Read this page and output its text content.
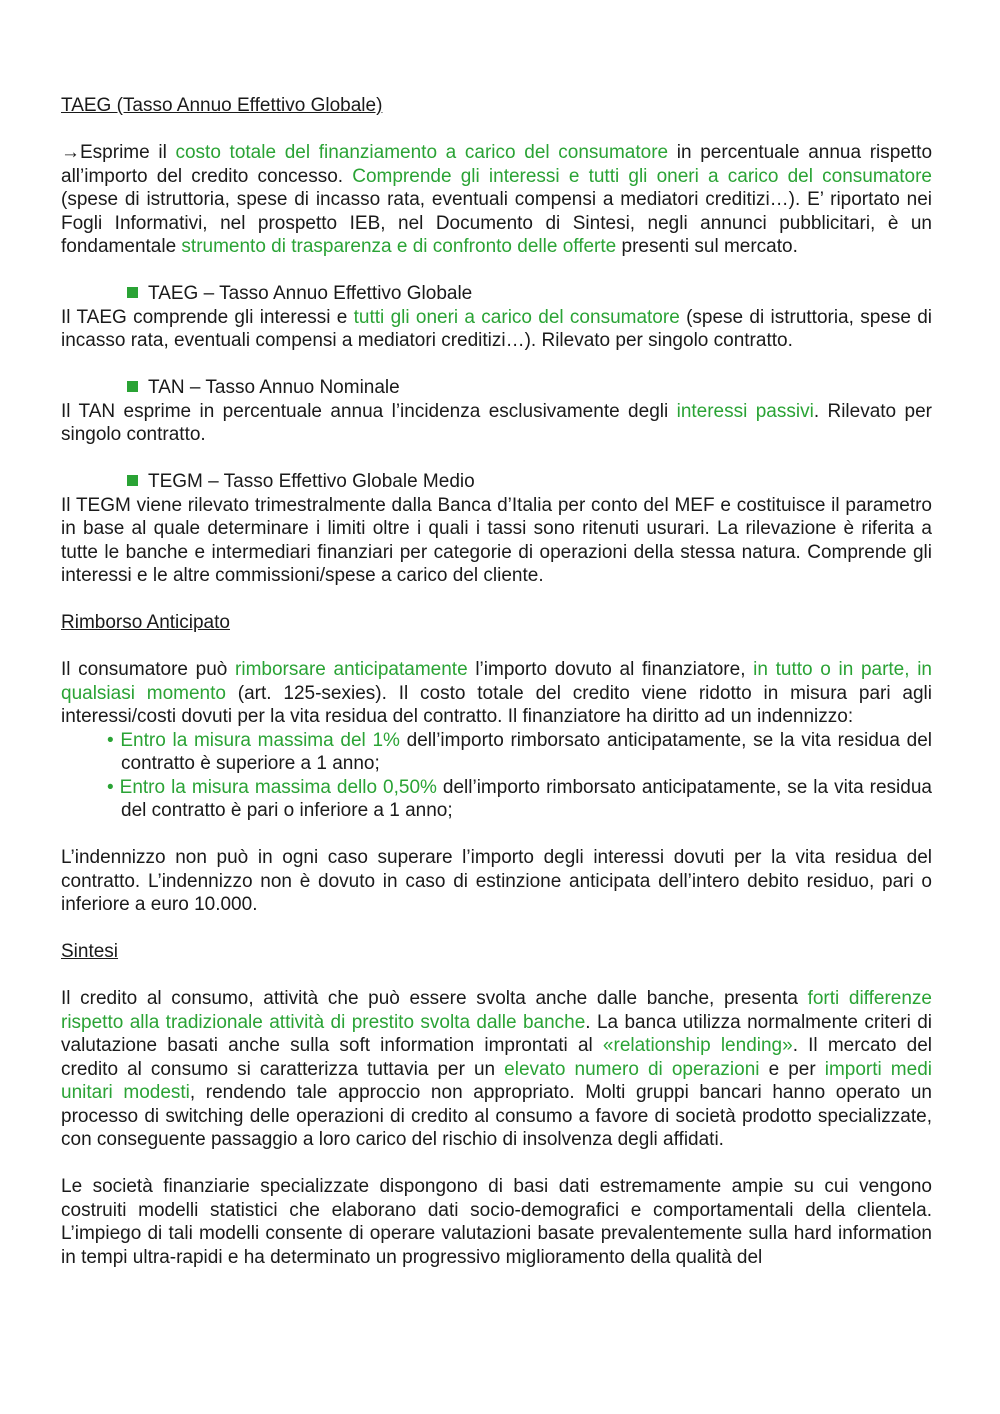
TAEG (Tasso Annuo Effettivo Globale)

→Esprime il costo totale del finanziamento a carico del consumatore in percentuale annua rispetto all’importo del credito concesso. Comprende gli interessi e tutti gli oneri a carico del consumatore (spese di istruttoria, spese di incasso rata, eventuali compensi a mediatori creditizi…). E’ riportato nei Fogli Informativi, nel prospetto IEB, nel Documento di Sintesi, negli annunci pubblicitari, è un fondamentale strumento di trasparenza e di confronto delle offerte presenti sul mercato.

TAEG – Tasso Annuo Effettivo Globale

Il TAEG comprende gli interessi e tutti gli oneri a carico del consumatore (spese di istruttoria, spese di incasso rata, eventuali compensi a mediatori creditizi…). Rilevato per singolo contratto.

TAN – Tasso Annuo Nominale

Il TAN esprime in percentuale annua l’incidenza esclusivamente degli interessi passivi. Rilevato per singolo contratto.

TEGM – Tasso Effettivo Globale Medio

Il TEGM viene rilevato trimestralmente dalla Banca d’Italia per conto del MEF e costituisce il parametro in base al quale determinare i limiti oltre i quali i tassi sono ritenuti usurari. La rilevazione è riferita a tutte le banche e intermediari finanziari per categorie di operazioni della stessa natura. Comprende gli interessi e le altre commissioni/spese a carico del cliente.

Rimborso Anticipato

Il consumatore può rimborsare anticipatamente l’importo dovuto al finanziatore, in tutto o in parte, in qualsiasi momento (art. 125-sexies). Il costo totale del credito viene ridotto in misura pari agli interessi/costi dovuti per la vita residua del contratto. Il finanziatore ha diritto ad un indennizzo:

• Entro la misura massima del 1% dell’importo rimborsato anticipatamente, se la vita residua del contratto è superiore a 1 anno;

• Entro la misura massima dello 0,50% dell’importo rimborsato anticipatamente, se la vita residua del contratto è pari o inferiore a 1 anno;

L’indennizzo non può in ogni caso superare l’importo degli interessi dovuti per la vita residua del contratto. L’indennizzo non è dovuto in caso di estinzione anticipata dell’intero debito residuo, pari o inferiore a euro 10.000.

Sintesi

Il credito al consumo, attività che può essere svolta anche dalle banche, presenta forti differenze rispetto alla tradizionale attività di prestito svolta dalle banche. La banca utilizza normalmente criteri di valutazione basati anche sulla soft information improntati al «relationship lending». Il mercato del credito al consumo si caratterizza tuttavia per un elevato numero di operazioni e per importi medi unitari modesti, rendendo tale approccio non appropriato. Molti gruppi bancari hanno operato un processo di switching delle operazioni di credito al consumo a favore di società prodotto specializzate, con conseguente passaggio a loro carico del rischio di insolvenza degli affidati.

Le società finanziarie specializzate dispongono di basi dati estremamente ampie su cui vengono costruiti modelli statistici che elaborano dati socio-demografici e comportamentali della clientela. L’impiego di tali modelli consente di operare valutazioni basate prevalentemente sulla hard information in tempi ultra-rapidi e ha determinato un progressivo miglioramento della qualità del
